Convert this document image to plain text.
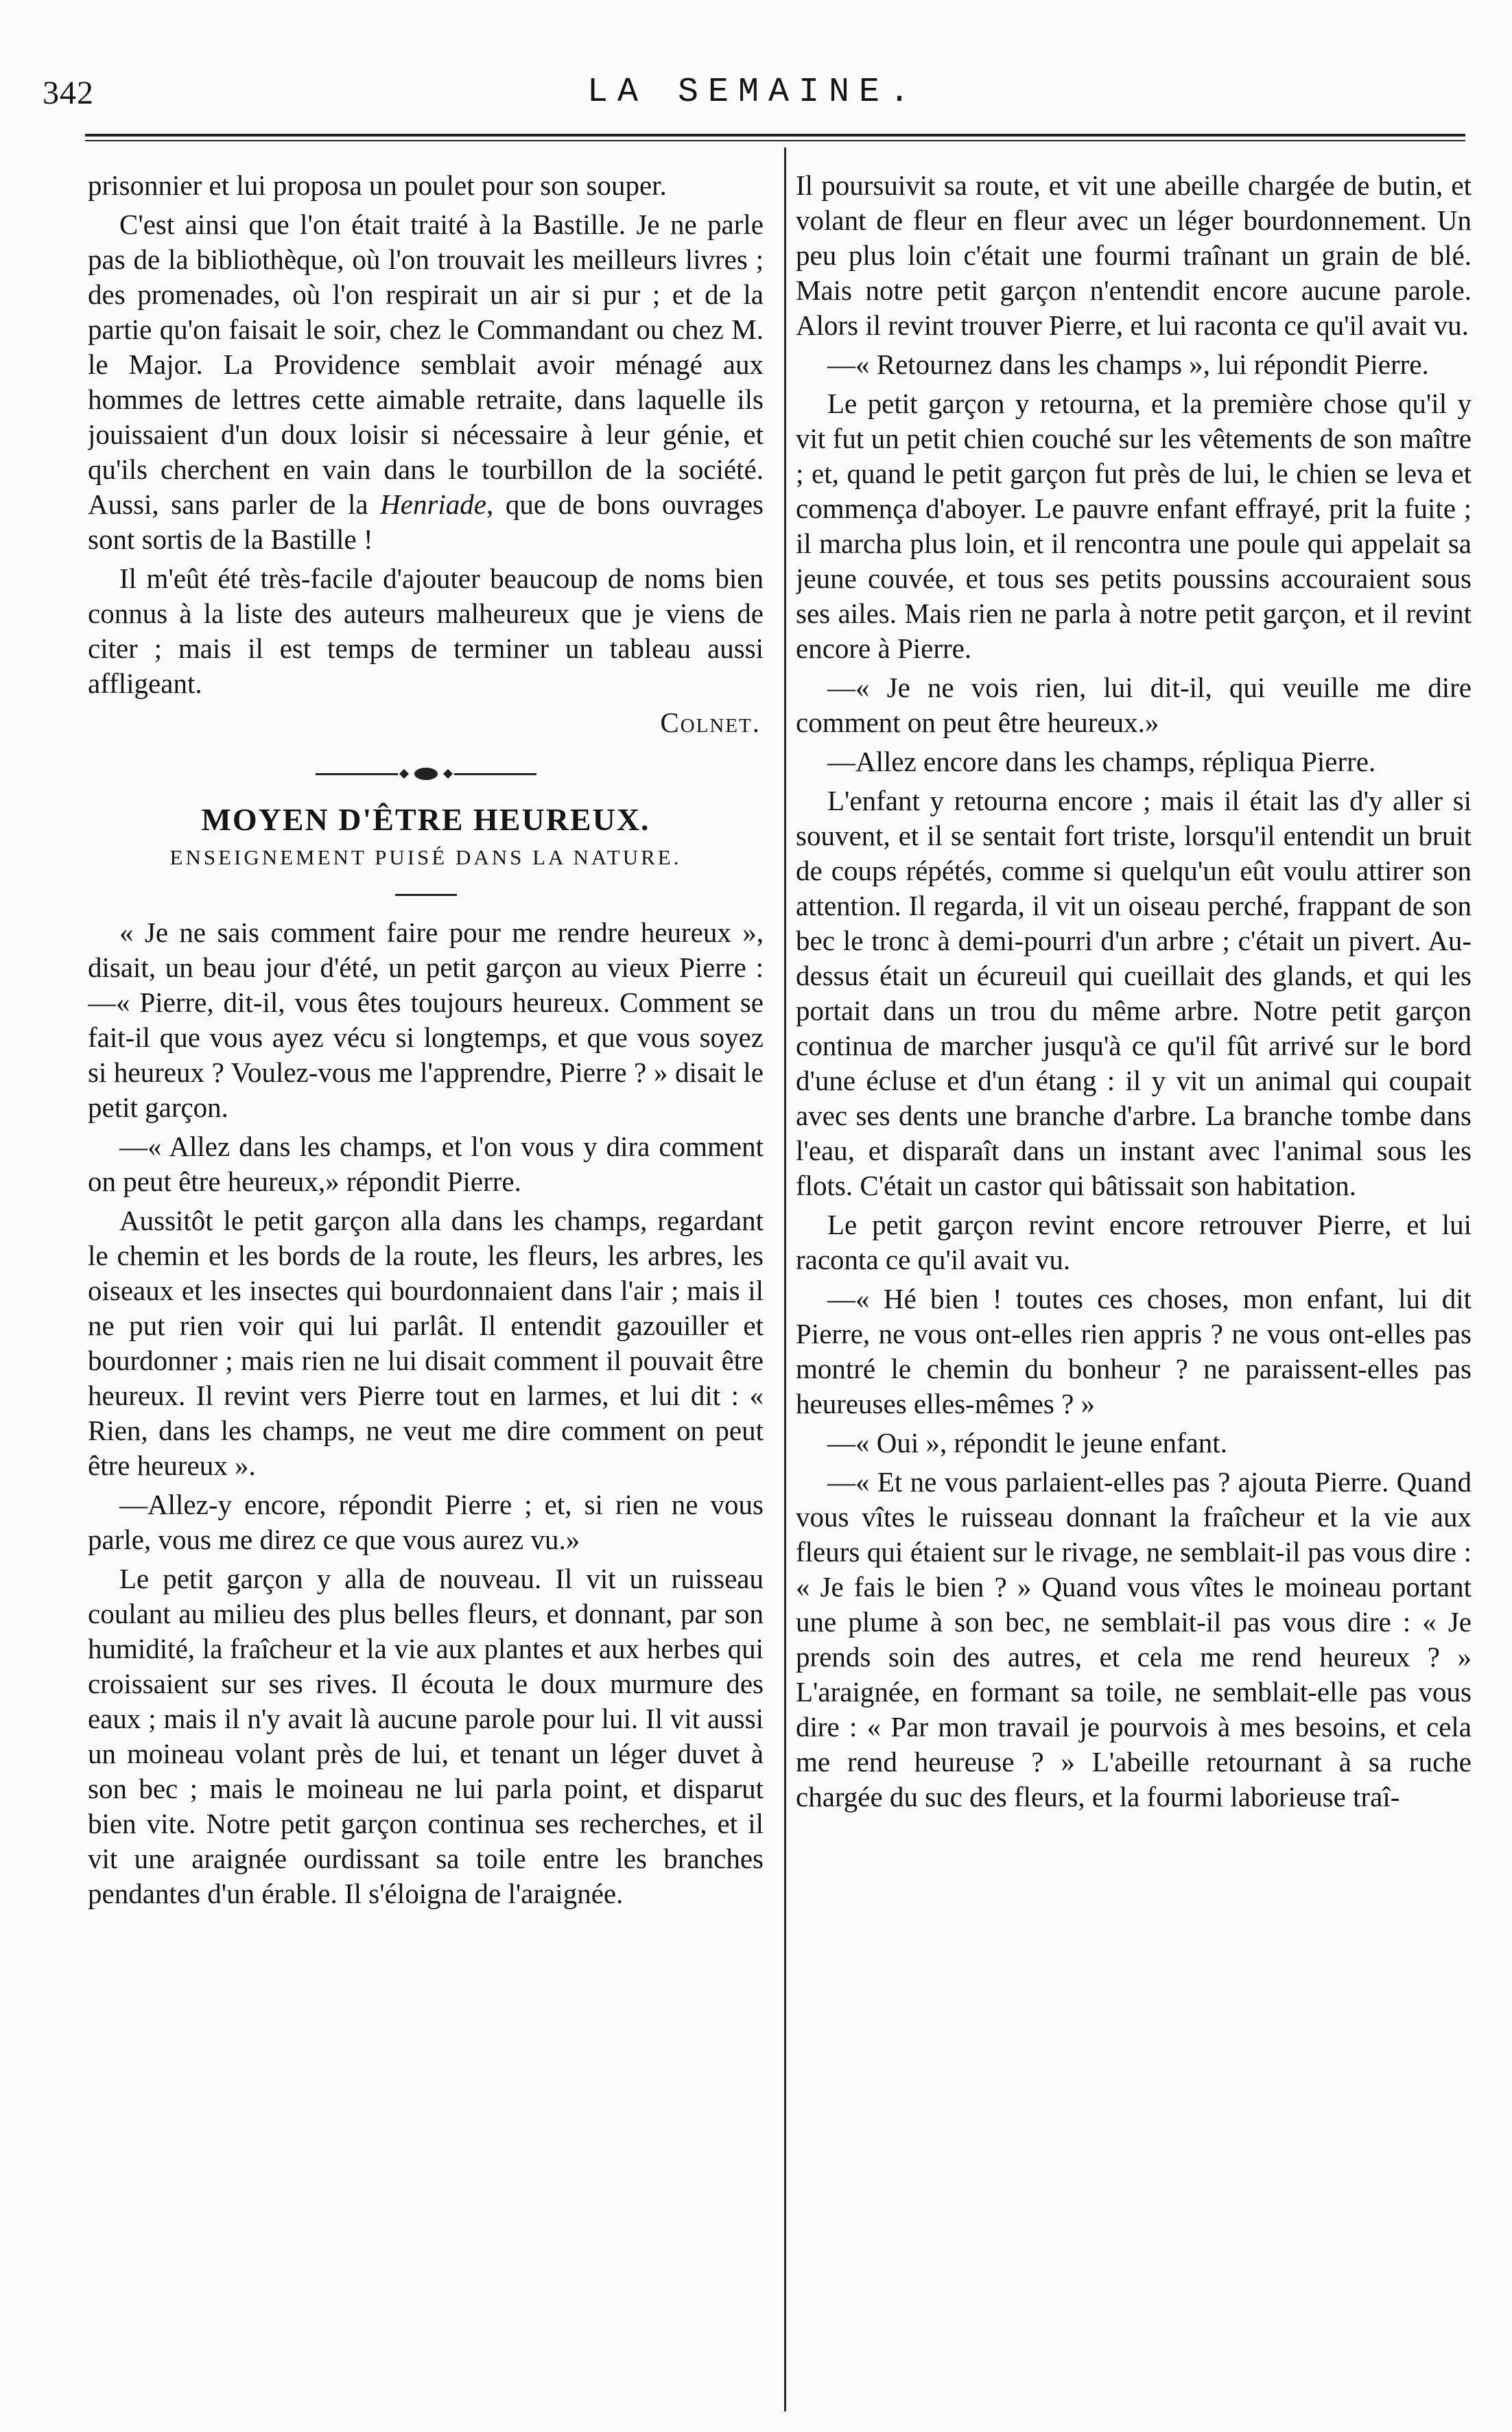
342	LA SEMAINE.

prisonnier et lui proposa un poulet pour son souper.

C'est ainsi que l'on était traité à la Bastille. Je ne parle pas de la bibliothèque, où l'on trouvait les meilleurs livres ; des promenades, où l'on respirait un air si pur ; et de la partie qu'on faisait le soir, chez le Commandant ou chez M. le Major. La Providence semblait avoir ménagé aux hommes de lettres cette aimable retraite, dans laquelle ils jouissaient d'un doux loisir si nécessaire à leur génie, et qu'ils cherchent en vain dans le tourbillon de la société. Aussi, sans parler de la Henriade, que de bons ouvrages sont sortis de la Bastille !

Il m'eût été très-facile d'ajouter beaucoup de noms bien connus à la liste des auteurs malheureux que je viens de citer ; mais il est temps de terminer un tableau aussi affligeant.

Colnet.
MOYEN D'ÊTRE HEUREUX.
ENSEIGNEMENT PUISÉ DANS LA NATURE.

« Je ne sais comment faire pour me rendre heureux », disait, un beau jour d'été, un petit garçon au vieux Pierre :—« Pierre, dit-il, vous êtes toujours heureux. Comment se fait-il que vous ayez vécu si longtemps, et que vous soyez si heureux ? Voulez-vous me l'apprendre, Pierre ? » disait le petit garçon.

—« Allez dans les champs, et l'on vous y dira comment on peut être heureux,» répondit Pierre.

Aussitôt le petit garçon alla dans les champs, regardant le chemin et les bords de la route, les fleurs, les arbres, les oiseaux et les insectes qui bourdonnaient dans l'air ; mais il ne put rien voir qui lui parlât. Il entendit gazouiller et bourdonner ; mais rien ne lui disait comment il pouvait être heureux. Il revint vers Pierre tout en larmes, et lui dit : « Rien, dans les champs, ne veut me dire comment on peut être heureux ».

—Allez-y encore, répondit Pierre ; et, si rien ne vous parle, vous me direz ce que vous aurez vu.»

Le petit garçon y alla de nouveau. Il vit un ruisseau coulant au milieu des plus belles fleurs, et donnant, par son humidité, la fraîcheur et la vie aux plantes et aux herbes qui croissaient sur ses rives. Il écouta le doux murmure des eaux ; mais il n'y avait là aucune parole pour lui. Il vit aussi un moineau volant près de lui, et tenant un léger duvet à son bec ; mais le moineau ne lui parla point, et disparut bien vite. Notre petit garçon continua ses recherches, et il vit une araignée ourdissant sa toile entre les branches pendantes d'un érable. Il s'éloigna de l'araignée.

Il poursuivit sa route, et vit une abeille chargée de butin, et volant de fleur en fleur avec un léger bourdonnement. Un peu plus loin c'était une fourmi traînant un grain de blé. Mais notre petit garçon n'entendit encore aucune parole. Alors il revint trouver Pierre, et lui raconta ce qu'il avait vu.

—« Retournez dans les champs », lui répondit Pierre.

Le petit garçon y retourna, et la première chose qu'il y vit fut un petit chien couché sur les vêtements de son maître ; et, quand le petit garçon fut près de lui, le chien se leva et commença d'aboyer. Le pauvre enfant effrayé, prit la fuite ; il marcha plus loin, et il rencontra une poule qui appelait sa jeune couvée, et tous ses petits poussins accouraient sous ses ailes. Mais rien ne parla à notre petit garçon, et il revint encore à Pierre.

—« Je ne vois rien, lui dit-il, qui veuille me dire comment on peut être heureux.»

—Allez encore dans les champs, répliqua Pierre.

L'enfant y retourna encore ; mais il était las d'y aller si souvent, et il se sentait fort triste, lorsqu'il entendit un bruit de coups répétés, comme si quelqu'un eût voulu attirer son attention. Il regarda, il vit un oiseau perché, frappant de son bec le tronc à demi-pourri d'un arbre ; c'était un pivert. Au-dessus était un écureuil qui cueillait des glands, et qui les portait dans un trou du même arbre. Notre petit garçon continua de marcher jusqu'à ce qu'il fût arrivé sur le bord d'une écluse et d'un étang : il y vit un animal qui coupait avec ses dents une branche d'arbre. La branche tombe dans l'eau, et disparaît dans un instant avec l'animal sous les flots. C'était un castor qui bâtissait son habitation.

Le petit garçon revint encore retrouver Pierre, et lui raconta ce qu'il avait vu.

—« Hé bien ! toutes ces choses, mon enfant, lui dit Pierre, ne vous ont-elles rien appris ? ne vous ont-elles pas montré le chemin du bonheur ? ne paraissent-elles pas heureuses elles-mêmes ? »

—« Oui », répondit le jeune enfant.

—« Et ne vous parlaient-elles pas ? ajouta Pierre. Quand vous vîtes le ruisseau donnant la fraîcheur et la vie aux fleurs qui étaient sur le rivage, ne semblait-il pas vous dire : « Je fais le bien ? » Quand vous vîtes le moineau portant une plume à son bec, ne semblait-il pas vous dire : « Je prends soin des autres, et cela me rend heureux ? » L'araignée, en formant sa toile, ne semblait-elle pas vous dire : « Par mon travail je pourvois à mes besoins, et cela me rend heureuse ? » L'abeille retournant à sa ruche chargée du suc des fleurs, et la fourmi laborieuse traî-
